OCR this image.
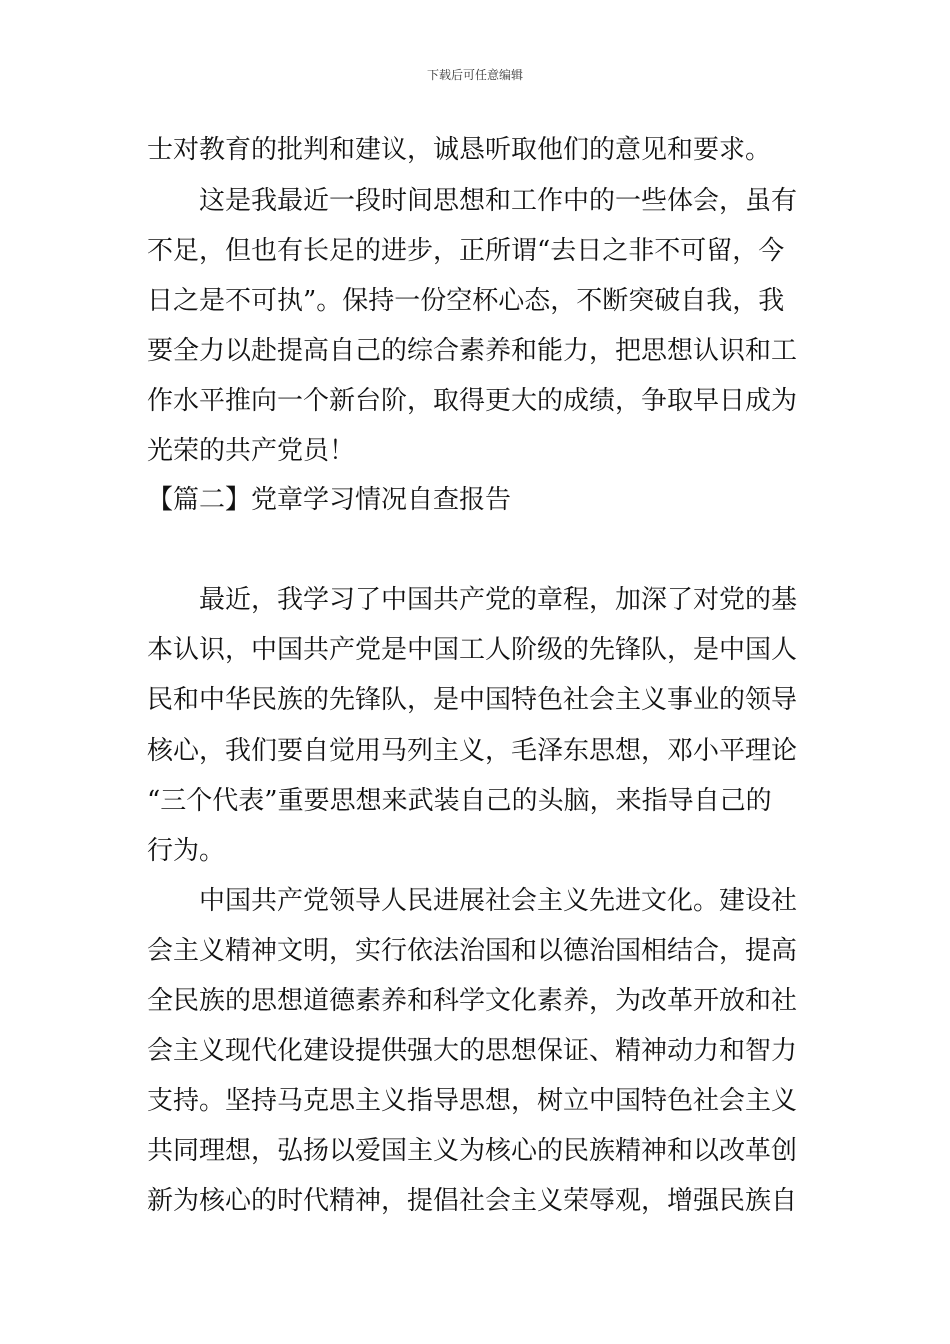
下载后可任意编辑
士对教育的批判和建议，诚恳听取他们的意见和要求。
这是我最近一段时间思想和工作中的一些体会，虽有
不足，但也有长足的进步，正所谓“去日之非不可留，今
日之是不可执”。保持一份空杯心态，不断突破自我，我
要全力以赴提高自己的综合素养和能力，把思想认识和工
作水平推向一个新台阶，取得更大的成绩，争取早日成为
光荣的共产党员！
【篇二】党章学习情况自查报告
最近，我学习了中国共产党的章程，加深了对党的基
本认识，中国共产党是中国工人阶级的先锋队，是中国人
民和中华民族的先锋队，是中国特色社会主义事业的领导
核心，我们要自觉用马列主义，毛泽东思想，邓小平理论
“三个代表”重要思想来武装自己的头脑，来指导自己的
行为。
中国共产党领导人民进展社会主义先进文化。建设社
会主义精神文明，实行依法治国和以德治国相结合，提高
全民族的思想道德素养和科学文化素养，为改革开放和社
会主义现代化建设提供强大的思想保证、精神动力和智力
支持。坚持马克思主义指导思想，树立中国特色社会主义
共同理想，弘扬以爱国主义为核心的民族精神和以改革创
新为核心的时代精神，提倡社会主义荣辱观，增强民族自
